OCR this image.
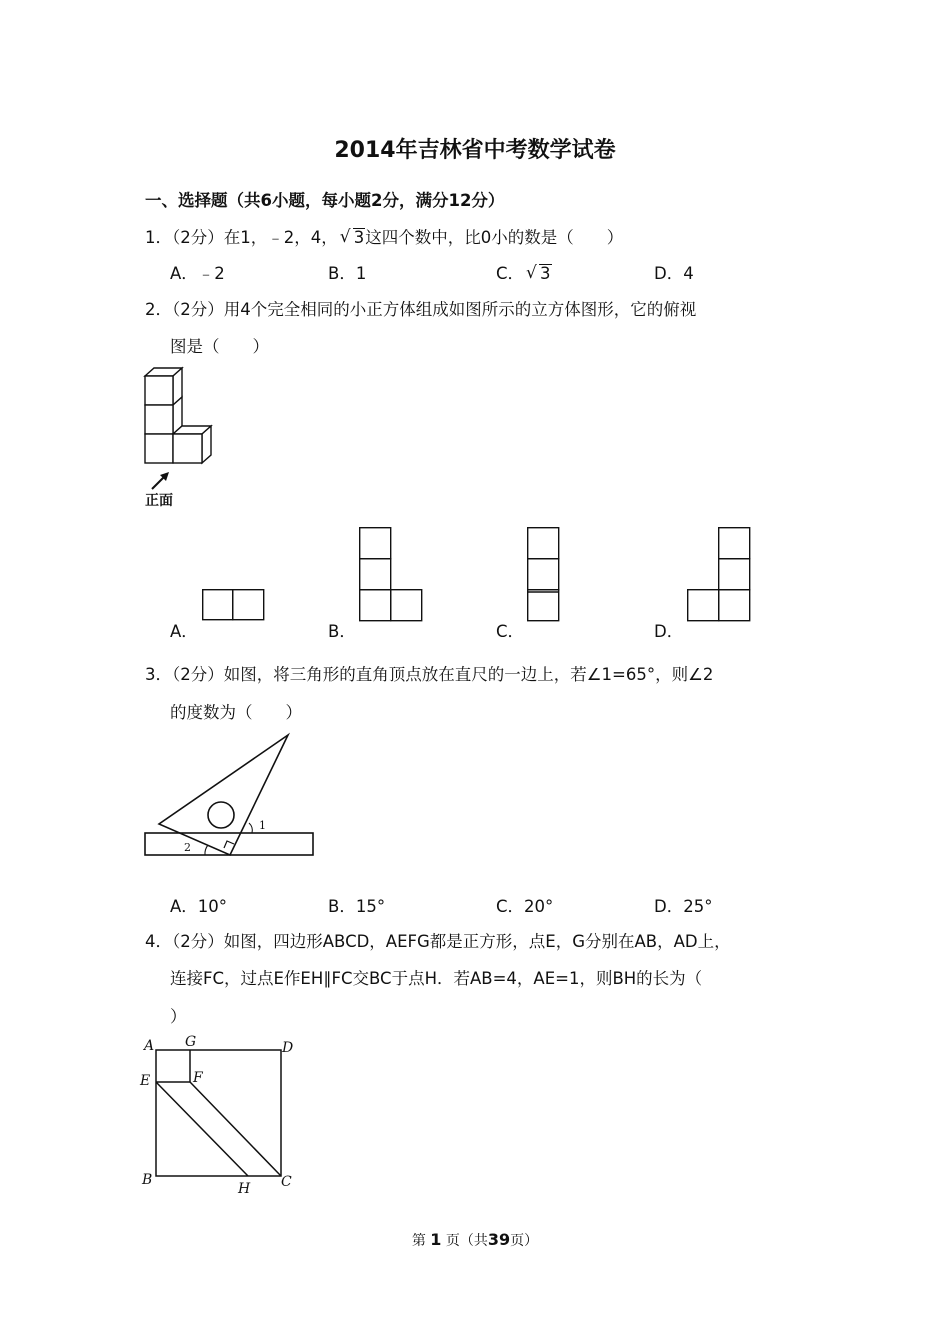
2014年吉林省中考数学试卷
一、选择题（共6小题，每小题2分，满分12分）
1．（2分）在1，﹣2，4， √ 3这四个数中，比0小的数是（　　）
A．﹣2	B．1	C． √ 3	D．4
2．（2分）用4个完全相同的小正方体组成如图所示的立方体图形，它的俯视
图是（　　）
正面
A．	B．	C．	D．
3．（2分）如图，将三角形的直角顶点放在直尺的一边上，若∠1=65°，则∠2
的度数为（　　）
1
2
A．10°	B．15°	C．20°	D．25°
4．（2分）如图，四边形ABCD，AEFG都是正方形，点E，G分别在AB，AD上，
连接FC，过点E作EH∥FC交BC于点H．若AB=4，AE=1，则BH的长为（
）
A G	D
E	F
B
H C
第 1 页（共39页）
